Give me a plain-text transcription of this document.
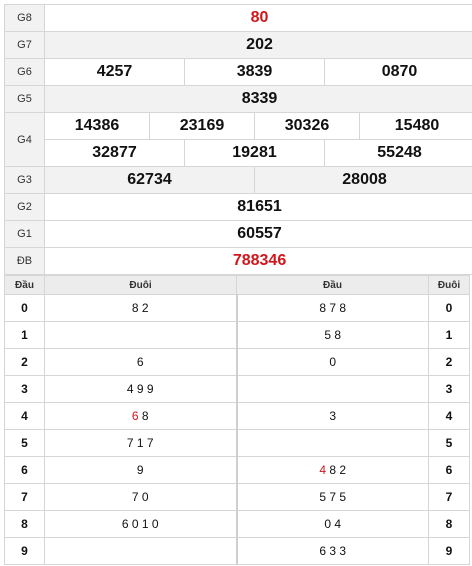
G8	80					
G7	202					
G6	4257		3839		0870	
G5	8339					
G4	14386	23169		30326		15480
	32877		19281		55248	
G3	62734			28008		
G2	81651					
G1	60557					
ĐB	788346					
Đầu	Đuôi	Đầu	Đuôi
0	8 2	8 7 8	0
1		5 8	1
2	6	0	2
3	4 9 9		3
4	6 8	3	4
5	7 1 7		5
6	9	4 8 2	6
7	7 0	5 7 5	7
8	6 0 1 0	0 4	8
9		6 3 3	9
